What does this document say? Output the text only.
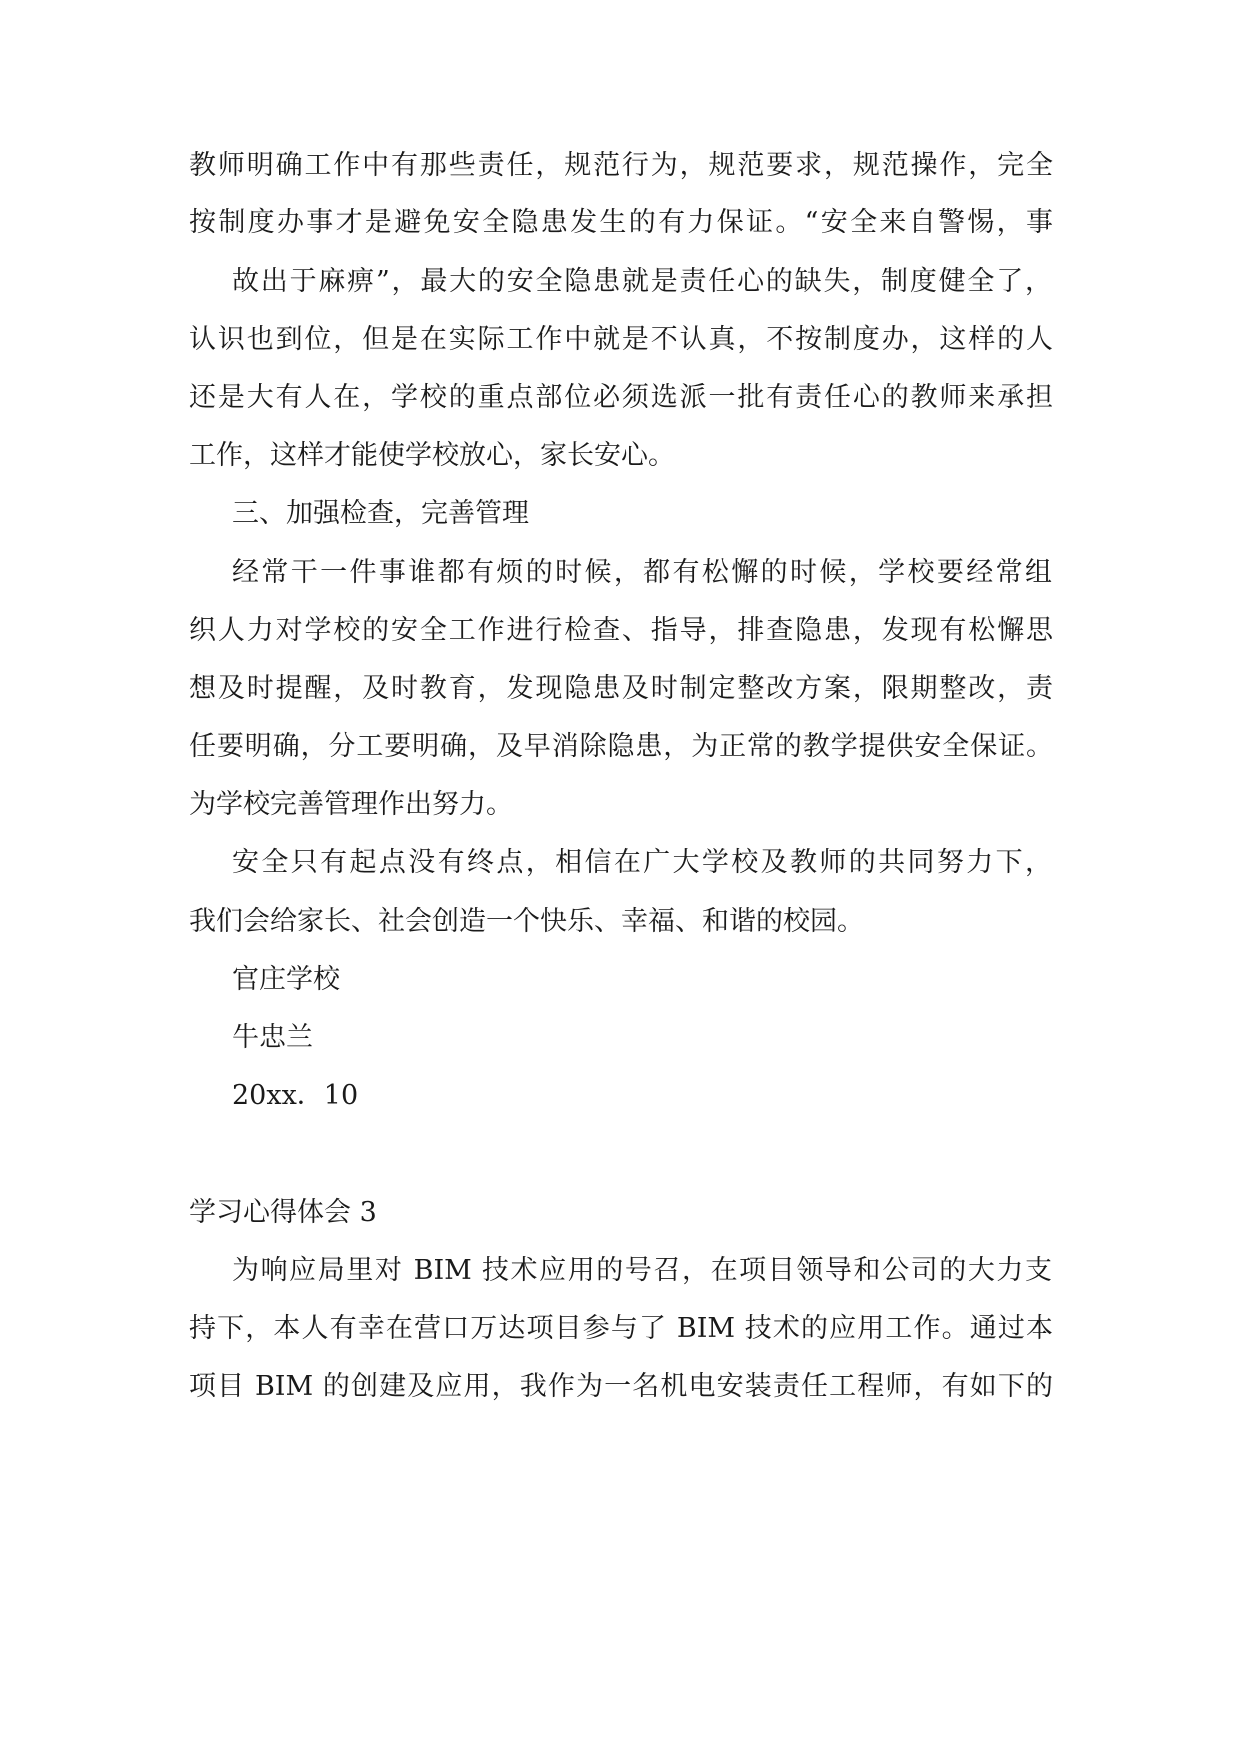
教师明确工作中有那些责任，规范行为，规范要求，规范操作，完全

按制度办事才是避免安全隐患发生的有力保证。“安全来自警惕，事

故出于麻痹”，最大的安全隐患就是责任心的缺失，制度健全了，

认识也到位，但是在实际工作中就是不认真，不按制度办，这样的人

还是大有人在，学校的重点部位必须选派一批有责任心的教师来承担

工作，这样才能使学校放心，家长安心。

三、加强检查，完善管理

经常干一件事谁都有烦的时候，都有松懈的时候，学校要经常组

织人力对学校的安全工作进行检查、指导，排查隐患，发现有松懈思

想及时提醒，及时教育，发现隐患及时制定整改方案，限期整改，责

任要明确，分工要明确，及早消除隐患，为正常的教学提供安全保证。

为学校完善管理作出努力。

安全只有起点没有终点，相信在广大学校及教师的共同努力下，

我们会给家长、社会创造一个快乐、幸福、和谐的校园。

官庄学校

牛忠兰

20xx．10

学习心得体会 3

为响应局里对 BIM 技术应用的号召，在项目领导和公司的大力支

持下，本人有幸在营口万达项目参与了 BIM 技术的应用工作。通过本

项目 BIM 的创建及应用，我作为一名机电安装责任工程师，有如下的
